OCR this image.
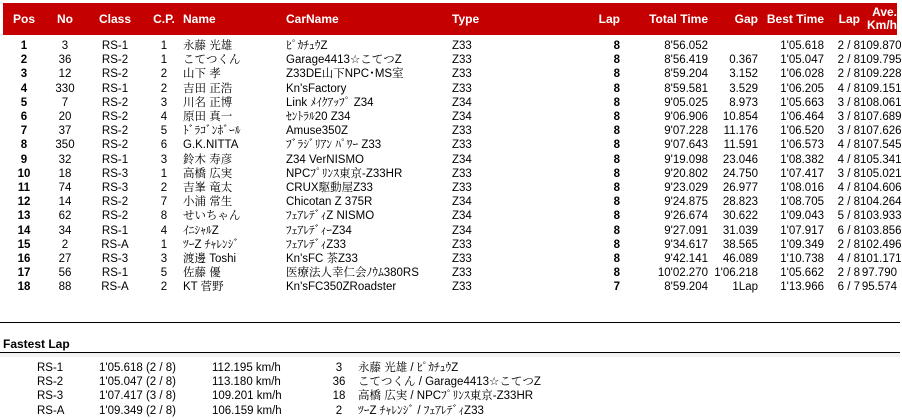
Pos	No	Class	C.P.	Name	CarName	Type	Lap	Total Time	Gap	Best Time	Lap	Ave.
Km/h
1	3	RS-1	1	永藤 光雄	ﾋﾟｶﾁｭｳZ	Z33	8	8'56.052		1'05.618	2 / 8	109.870
2	36	RS-2	1	こてつくん	Garage4413☆こてつZ	Z33	8	8'56.419	0.367	1'05.047	2 / 8	109.795
3	12	RS-2	2	山下 孝	Z33DE山下NPC･MS室	Z33	8	8'59.204	3.152	1'06.028	2 / 8	109.228
4	330	RS-1	2	吉田 正浩	Kn'sFactory	Z33	8	8'59.581	3.529	1'06.205	4 / 8	109.151
5	7	RS-2	3	川名 正博	Link ﾒｲｸｱｯﾌﾟ Z34	Z34	8	9'05.025	8.973	1'05.663	3 / 8	108.061
6	20	RS-2	4	原田 真一	ｾﾝﾄﾗﾙ20 Z34	Z34	8	9'06.906	10.854	1'06.464	3 / 8	107.689
7	37	RS-2	5	ﾄﾞﾗｺﾞﾝﾎﾞｰﾙ	Amuse350Z	Z33	8	9'07.228	11.176	1'06.520	3 / 8	107.626
8	350	RS-2	6	G.K.NITTA	ﾌﾞﾗｼﾞﾘｱﾝ ﾊﾟﾜｰ Z33	Z33	8	9'07.643	11.591	1'06.573	4 / 8	107.545
9	32	RS-1	3	鈴木 寿彦	Z34 VerNISMO	Z34	8	9'19.098	23.046	1'08.382	4 / 8	105.341
10	18	RS-3	1	高橋 広実	NPCﾌﾟﾘﾝｽ東京-Z33HR	Z33	8	9'20.802	24.750	1'07.417	3 / 8	105.021
11	74	RS-3	2	吉峯 竜太	CRUX駆動屋Z33	Z33	8	9'23.029	26.977	1'08.016	4 / 8	104.606
12	14	RS-2	7	小浦 常生	Chicotan Z 375R	Z34	8	9'24.875	28.823	1'08.705	2 / 8	104.264
13	62	RS-2	8	せいちゃん	ﾌｪｱﾚﾃﾞｨZ NISMO	Z34	8	9'26.674	30.622	1'09.043	5 / 8	103.933
14	34	RS-1	4	ｲﾆｼｬﾙZ	ﾌｪｱﾚﾃﾞｨｰZ34	Z34	8	9'27.091	31.039	1'07.917	6 / 8	103.856
15	2	RS-A	1	ﾂｰZ ﾁｬﾚﾝｼﾞ	ﾌｪｱﾚﾃﾞｨZ33	Z33	8	9'34.617	38.565	1'09.349	2 / 8	102.496
16	27	RS-3	3	渡邊 Toshi	Kn'sFC 茶Z33	Z33	8	9'42.141	46.089	1'10.738	4 / 8	101.171
17	56	RS-1	5	佐藤 優	医療法人幸仁会ﾉｳﾑ380RS	Z33	8	10'02.270	1'06.218	1'05.662	2 / 8	97.790
18	88	RS-A	2	KT 菅野	Kn'sFC350ZRoadster	Z33	7	8'59.204	1Lap	1'13.966	6 / 7	95.574
Fastest Lap
RS-1	1'05.618 (2 / 8)	112.195 km/h	3	永藤 光雄 / ﾋﾟｶﾁｭｳZ
RS-2	1'05.047 (2 / 8)	113.180 km/h	36	こてつくん / Garage4413☆こてつZ
RS-3	1'07.417 (3 / 8)	109.201 km/h	18	高橋 広実 / NPCﾌﾟﾘﾝｽ東京-Z33HR
RS-A	1'09.349 (2 / 8)	106.159 km/h	2	ﾂｰZ ﾁｬﾚﾝｼﾞ / ﾌｪｱﾚﾃﾞｨZ33
